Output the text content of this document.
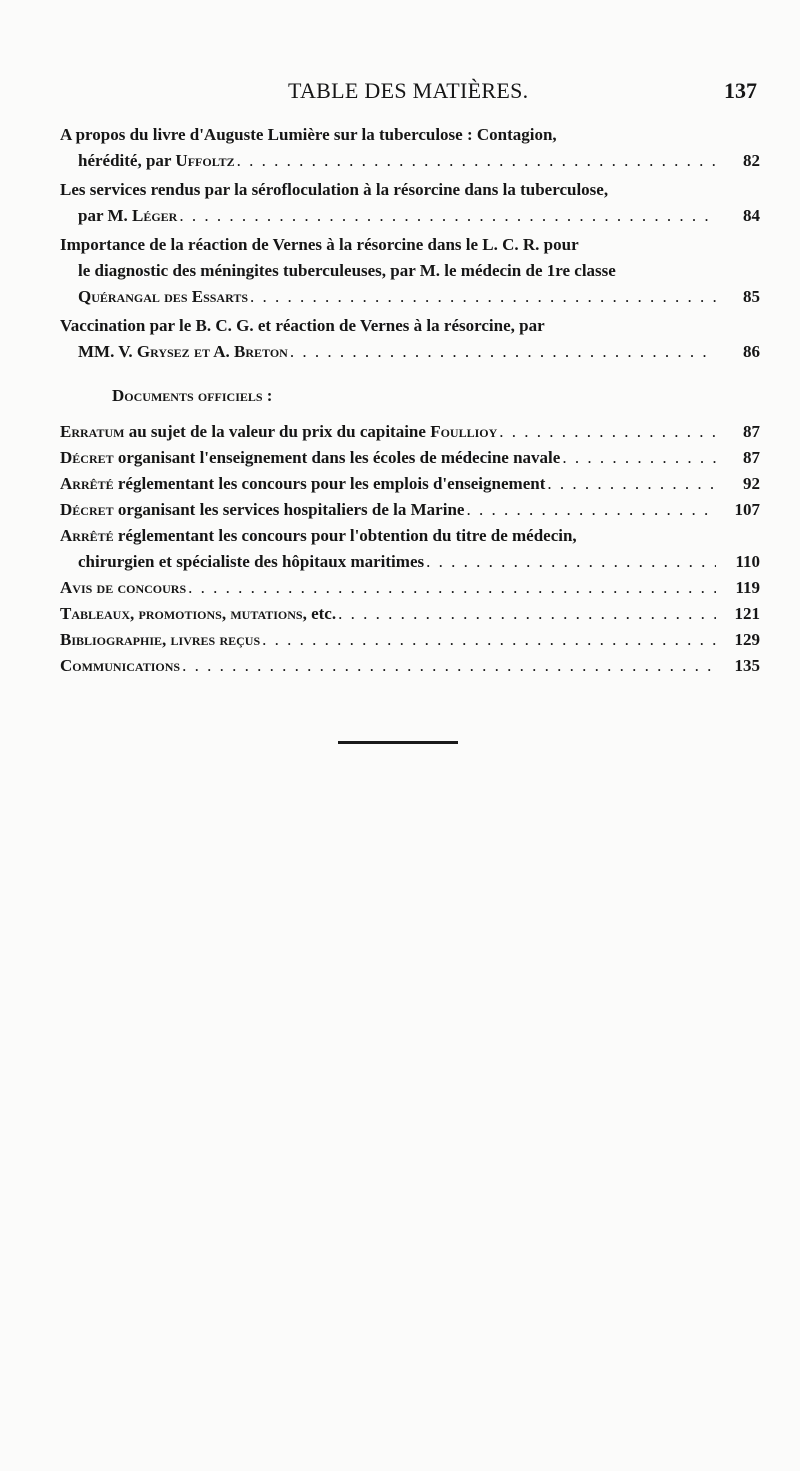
TABLE DES MATIÈRES.	137
A propos du livre d'Auguste Lumière sur la tuberculose : Contagion,
hérédité, par Uffoltz . . .	82
Les services rendus par la sérofloculation à la résorcine dans la tuberculose,
par M. Léger . . .	84
Importance de la réaction de Vernes à la résorcine dans le L. C. R. pour
le diagnostic des méningites tuberculeuses, par M. le médecin de 1re classe
Quérangal des Essarts . . .	85
Vaccination par le B. C. G. et réaction de Vernes à la résorcine, par
MM. V. Grysez et A. Breton . . .	86
Documents officiels :
Erratum au sujet de la valeur du prix du capitaine Foullioy . . .	87
Décret organisant l'enseignement dans les écoles de médecine navale . . .	87
Arrêté réglementant les concours pour les emplois d'enseignement . . .	92
Décret organisant les services hospitaliers de la Marine . . .	107
Arrêté réglementant les concours pour l'obtention du titre de médecin,
chirurgien et spécialiste des hôpitaux maritimes . . .	110
Avis de concours . . .	119
Tableaux, promotions, mutations, etc. . . .	121
Bibliographie, livres reçus . . .	129
Communications . . .	135
